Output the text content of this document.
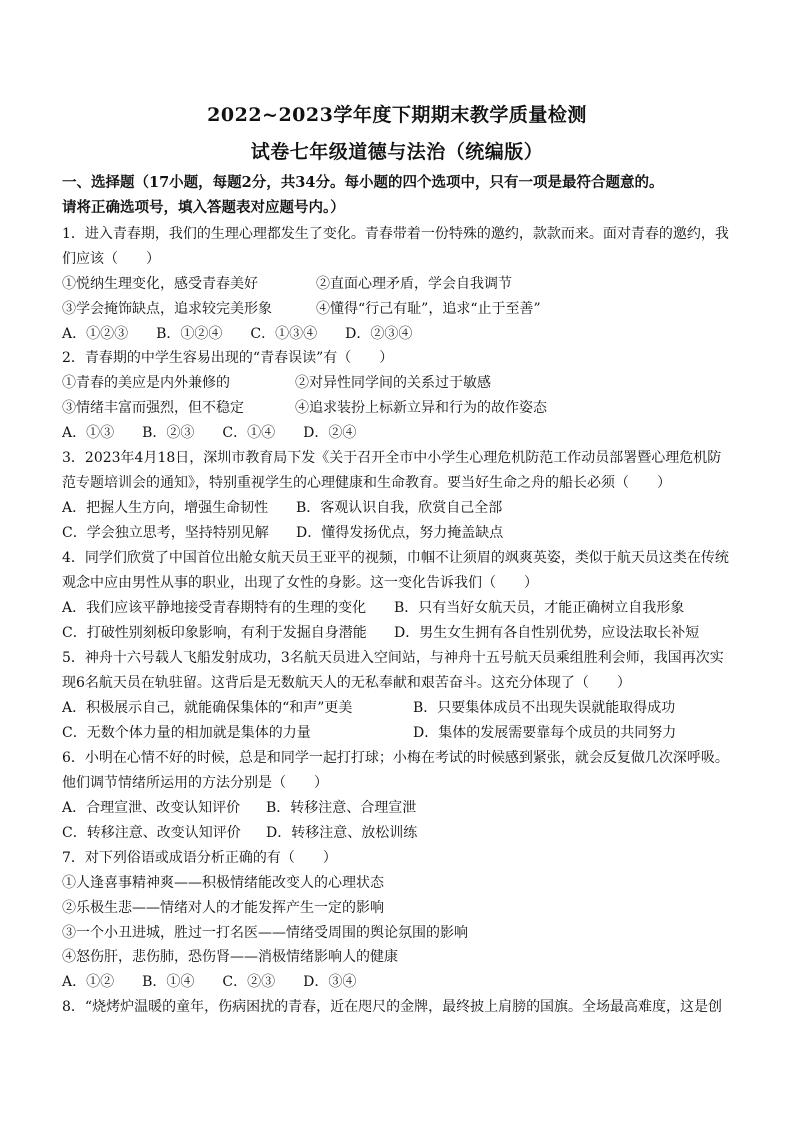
2022~2023学年度下期期末教学质量检测
试卷七年级道德与法治（统编版）
一、选择题（17小题，每题2分，共34分。每小题的四个选项中，只有一项是最符合题意的。
请将正确选项号，填入答题表对应题号内。）
1．进入青春期，我们的生理心理都发生了变化。青春带着一份特殊的邀约，款款而来。面对青春的邀约，我
们应该（　　）
①悦纳生理变化，感受青春美好	②直面心理矛盾，学会自我调节
③学会掩饰缺点，追求较完美形象	④懂得“行己有耻”，追求“止于至善”
A．①②③　　B．①②④　　C．①③④　　D．②③④
2．青春期的中学生容易出现的“青春误读”有（　　）
①青春的美应是内外兼修的	②对异性同学间的关系过于敏感
③情绪丰富而强烈，但不稳定	④追求装扮上标新立异和行为的故作姿态
A．①③　　B．②③　　C．①④　　D．②④
3．2023年4月18日，深圳市教育局下发《关于召开全市中小学生心理危机防范工作动员部署暨心理危机防
范专题培训会的通知》，特别重视学生的心理健康和生命教育。要当好生命之舟的船长必须（　　）
A．把握人生方向，增强生命韧性 B．客观认识自我，欣赏自己全部
C．学会独立思考，坚持特别见解 D．懂得发扬优点，努力掩盖缺点
4．同学们欣赏了中国首位出舱女航天员王亚平的视频，巾帼不让须眉的飒爽英姿，类似于航天员这类在传统
观念中应由男性从事的职业，出现了女性的身影。这一变化告诉我们（　　）
A．我们应该平静地接受青春期特有的生理的变化 B．只有当好女航天员，才能正确树立自我形象
C．打破性别刻板印象影响，有利于发掘自身潜能 D．男生女生拥有各自性别优势，应设法取长补短
5．神舟十六号载人飞船发射成功，3名航天员进入空间站，与神舟十五号航天员乘组胜利会师，我国再次实
现6名航天员在轨驻留。这背后是无数航天人的无私奉献和艰苦奋斗。这充分体现了（　　）
A．积极展示自己，就能确保集体的“和声”更美	B．只要集体成员不出现失误就能取得成功
C．无数个体力量的相加就是集体的力量	D．集体的发展需要靠每个成员的共同努力
6．小明在心情不好的时候，总是和同学一起打打球；小梅在考试的时候感到紧张，就会反复做几次深呼吸。
他们调节情绪所运用的方法分别是（　　）
A．合理宣泄、改变认知评价 B．转移注意、合理宣泄
C．转移注意、改变认知评价 D．转移注意、放松训练
7．对下列俗语或成语分析正确的有（　　）
①人逢喜事精神爽——积极情绪能改变人的心理状态
②乐极生悲——情绪对人的才能发挥产生一定的影响
③一个小丑进城，胜过一打名医——情绪受周围的舆论氛围的影响
④怒伤肝，悲伤肺，恐伤肾——消极情绪影响人的健康
A．①②　　B．①④　　C．②③　　D．③④
8．“烧烤炉温暖的童年，伤病困扰的青春，近在咫尺的金牌，最终披上肩膀的国旗。全场最高难度，这是创
